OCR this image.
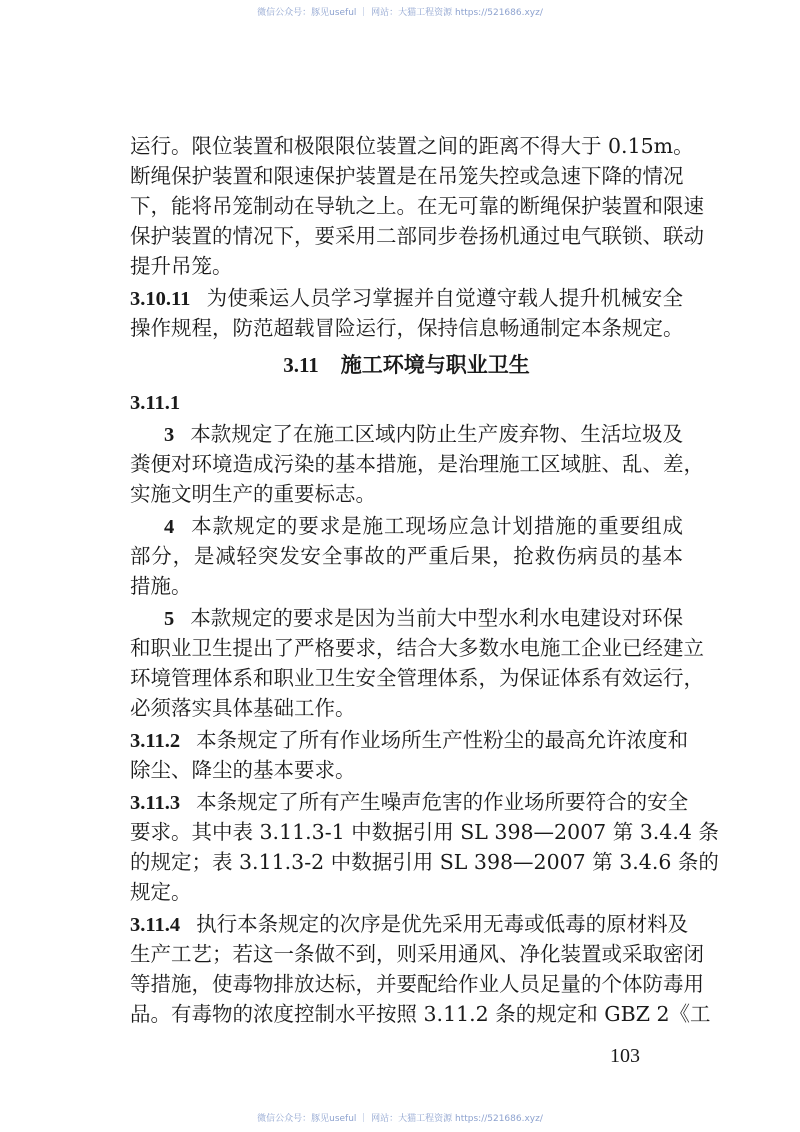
微信公众号：豚见useful ｜ 网站：大猫工程资源 https://521686.xyz/
运行。限位装置和极限限位装置之间的距离不得大于 0.15m。
断绳保护装置和限速保护装置是在吊笼失控或急速下降的情况
下，能将吊笼制动在导轨之上。在无可靠的断绳保护装置和限速
保护装置的情况下，要采用二部同步卷扬机通过电气联锁、联动
提升吊笼。
3.10.11 为使乘运人员学习掌握并自觉遵守载人提升机械安全
操作规程，防范超载冒险运行，保持信息畅通制定本条规定。
3.11 施工环境与职业卫生
3.11.1
3 本款规定了在施工区域内防止生产废弃物、生活垃圾及
粪便对环境造成污染的基本措施，是治理施工区域脏、乱、差，
实施文明生产的重要标志。
4 本款规定的要求是施工现场应急计划措施的重要组成
部分，是减轻突发安全事故的严重后果，抢救伤病员的基本
措施。
5 本款规定的要求是因为当前大中型水利水电建设对环保
和职业卫生提出了严格要求，结合大多数水电施工企业已经建立
环境管理体系和职业卫生安全管理体系，为保证体系有效运行，
必须落实具体基础工作。
3.11.2 本条规定了所有作业场所生产性粉尘的最高允许浓度和
除尘、降尘的基本要求。
3.11.3 本条规定了所有产生噪声危害的作业场所要符合的安全
要求。其中表 3.11.3-1 中数据引用 SL 398—2007 第 3.4.4 条
的规定；表 3.11.3-2 中数据引用 SL 398—2007 第 3.4.6 条的
规定。
3.11.4 执行本条规定的次序是优先采用无毒或低毒的原材料及
生产工艺；若这一条做不到，则采用通风、净化装置或采取密闭
等措施，使毒物排放达标，并要配给作业人员足量的个体防毒用
品。有毒物的浓度控制水平按照 3.11.2 条的规定和 GBZ 2《工
103
微信公众号：豚见useful ｜ 网站：大猫工程资源 https://521686.xyz/
